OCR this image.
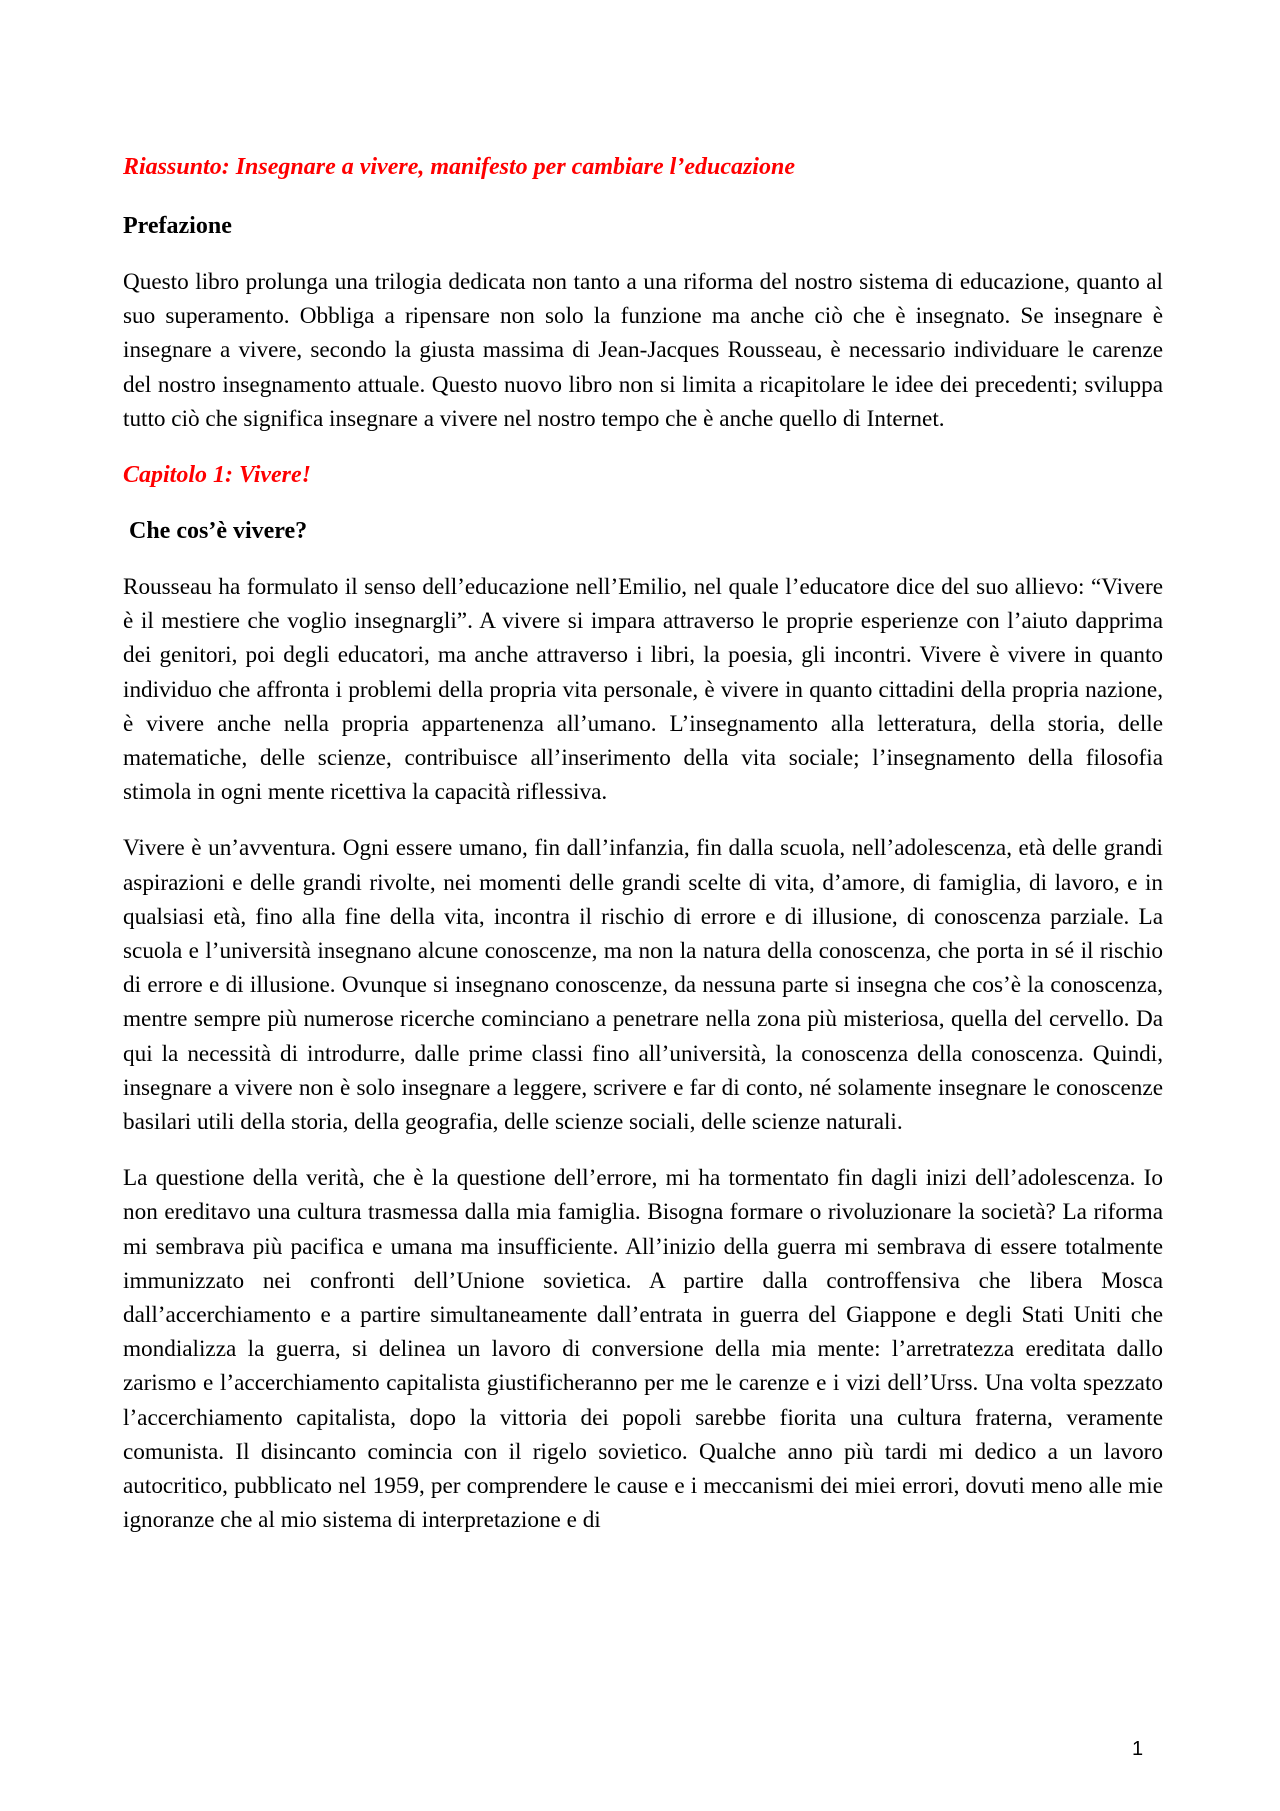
Riassunto: Insegnare a vivere, manifesto per cambiare l’educazione
Prefazione

Questo libro prolunga una trilogia dedicata non tanto a una riforma del nostro sistema di educazione, quanto al suo superamento. Obbliga a ripensare non solo la funzione ma anche ciò che è insegnato. Se insegnare è insegnare a vivere, secondo la giusta massima di Jean-Jacques Rousseau, è necessario individuare le carenze del nostro insegnamento attuale. Questo nuovo libro non si limita a ricapitolare le idee dei precedenti; sviluppa tutto ciò che significa insegnare a vivere nel nostro tempo che è anche quello di Internet.

Capitolo 1: Vivere!
Che cos’è vivere?

Rousseau ha formulato il senso dell’educazione nell’Emilio, nel quale l’educatore dice del suo allievo: “Vivere è il mestiere che voglio insegnargli”. A vivere si impara attraverso le proprie esperienze con l’aiuto dapprima dei genitori, poi degli educatori, ma anche attraverso i libri, la poesia, gli incontri. Vivere è vivere in quanto individuo che affronta i problemi della propria vita personale, è vivere in quanto cittadini della propria nazione, è vivere anche nella propria appartenenza all’umano. L’insegnamento alla letteratura, della storia, delle matematiche, delle scienze, contribuisce all’inserimento della vita sociale; l’insegnamento della filosofia stimola in ogni mente ricettiva la capacità riflessiva.

Vivere è un’avventura. Ogni essere umano, fin dall’infanzia, fin dalla scuola, nell’adolescenza, età delle grandi aspirazioni e delle grandi rivolte, nei momenti delle grandi scelte di vita, d’amore, di famiglia, di lavoro, e in qualsiasi età, fino alla fine della vita, incontra il rischio di errore e di illusione, di conoscenza parziale. La scuola e l’università insegnano alcune conoscenze, ma non la natura della conoscenza, che porta in sé il rischio di errore e di illusione. Ovunque si insegnano conoscenze, da nessuna parte si insegna che cos’è la conoscenza, mentre sempre più numerose ricerche cominciano a penetrare nella zona più misteriosa, quella del cervello. Da qui la necessità di introdurre, dalle prime classi fino all’università, la conoscenza della conoscenza. Quindi, insegnare a vivere non è solo insegnare a leggere, scrivere e far di conto, né solamente insegnare le conoscenze basilari utili della storia, della geografia, delle scienze sociali, delle scienze naturali.

La questione della verità, che è la questione dell’errore, mi ha tormentato fin dagli inizi dell’adolescenza. Io non ereditavo una cultura trasmessa dalla mia famiglia. Bisogna formare o rivoluzionare la società? La riforma mi sembrava più pacifica e umana ma insufficiente. All’inizio della guerra mi sembrava di essere totalmente immunizzato nei confronti dell’Unione sovietica. A partire dalla controffensiva che libera Mosca dall’accerchiamento e a partire simultaneamente dall’entrata in guerra del Giappone e degli Stati Uniti che mondializza la guerra, si delinea un lavoro di conversione della mia mente: l’arretratezza ereditata dallo zarismo e l’accerchiamento capitalista giustificheranno per me le carenze e i vizi dell’Urss. Una volta spezzato l’accerchiamento capitalista, dopo la vittoria dei popoli sarebbe fiorita una cultura fraterna, veramente comunista. Il disincanto comincia con il rigelo sovietico. Qualche anno più tardi mi dedico a un lavoro autocritico, pubblicato nel 1959, per comprendere le cause e i meccanismi dei miei errori, dovuti meno alle mie ignoranze che al mio sistema di interpretazione e di

1
